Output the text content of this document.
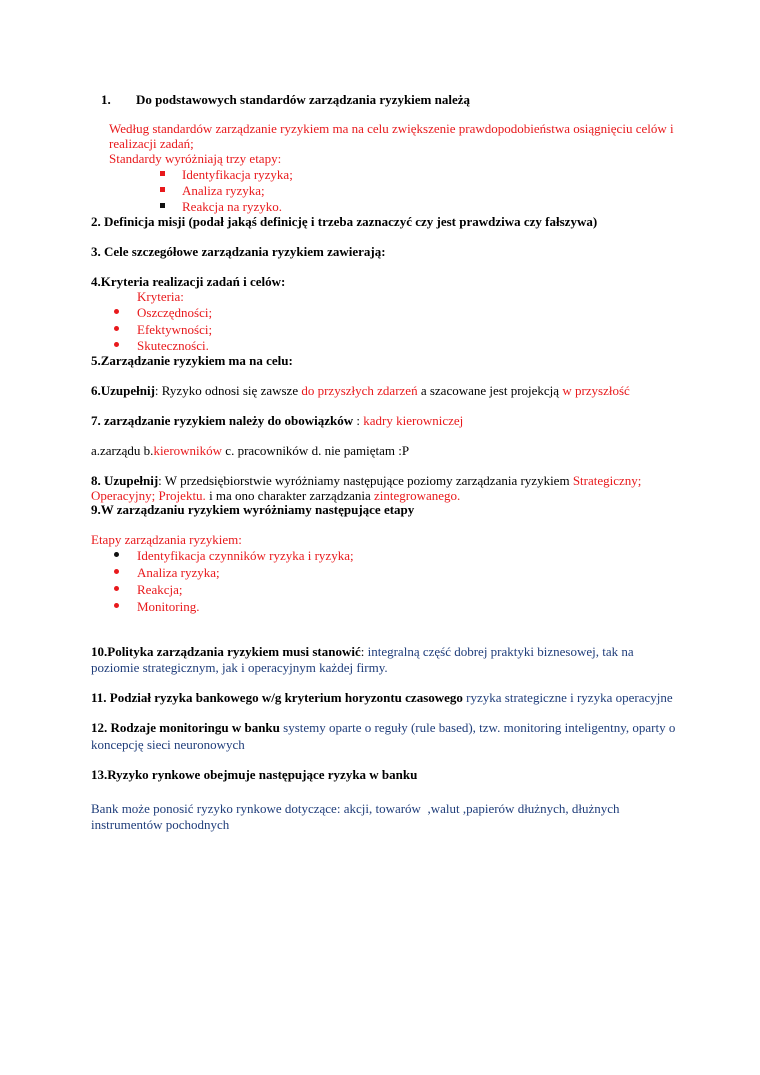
1. Do podstawowych standardów zarządzania ryzykiem należą
Według standardów zarządzanie ryzykiem ma na celu zwiększenie prawdopodobieństwa osiągnięciu celów i
realizacji zadań;
Standardy wyróżniają trzy etapy:
Identyfikacja ryzyka;
Analiza ryzyka;
Reakcja na ryzyko.
2. Definicja misji (podał jakąś definicję i trzeba zaznaczyć czy jest prawdziwa czy fałszywa)
3. Cele szczegółowe zarządzania ryzykiem zawierają:
4.Kryteria realizacji zadań i celów:
Kryteria:
Oszczędności;
Efektywności;
Skuteczności.
5.Zarządzanie ryzykiem ma na celu:
6.Uzupełnij: Ryzyko odnosi się zawsze do przyszłych zdarzeń a szacowane jest projekcją w przyszłość
7. zarządzanie ryzykiem należy do obowiązków : kadry kierowniczej
a.zarządu b.kierowników c. pracowników d. nie pamiętam :P
8. Uzupełnij: W przedsiębiorstwie wyróżniamy następujące poziomy zarządzania ryzykiem Strategiczny;
Operacyjny; Projektu. i ma ono charakter zarządzania zintegrowanego.
9.W zarządzaniu ryzykiem wyróżniamy następujące etapy
Etapy zarządzania ryzykiem:
Identyfikacja czynników ryzyka i ryzyka;
Analiza ryzyka;
Reakcja;
Monitoring.
10.Polityka zarządzania ryzykiem musi stanowić: integralną część dobrej praktyki biznesowej, tak na
poziomie strategicznym, jak i operacyjnym każdej firmy.
11. Podział ryzyka bankowego w/g kryterium horyzontu czasowego ryzyka strategiczne i ryzyka operacyjne
12. Rodzaje monitoringu w banku systemy oparte o reguły (rule based), tzw. monitoring inteligentny, oparty o
koncepcję sieci neuronowych
13.Ryzyko rynkowe obejmuje następujące ryzyka w banku
Bank może ponosić ryzyko rynkowe dotyczące: akcji, towarów  ,walut ,papierów dłużnych, dłużnych
instrumentów pochodnych
